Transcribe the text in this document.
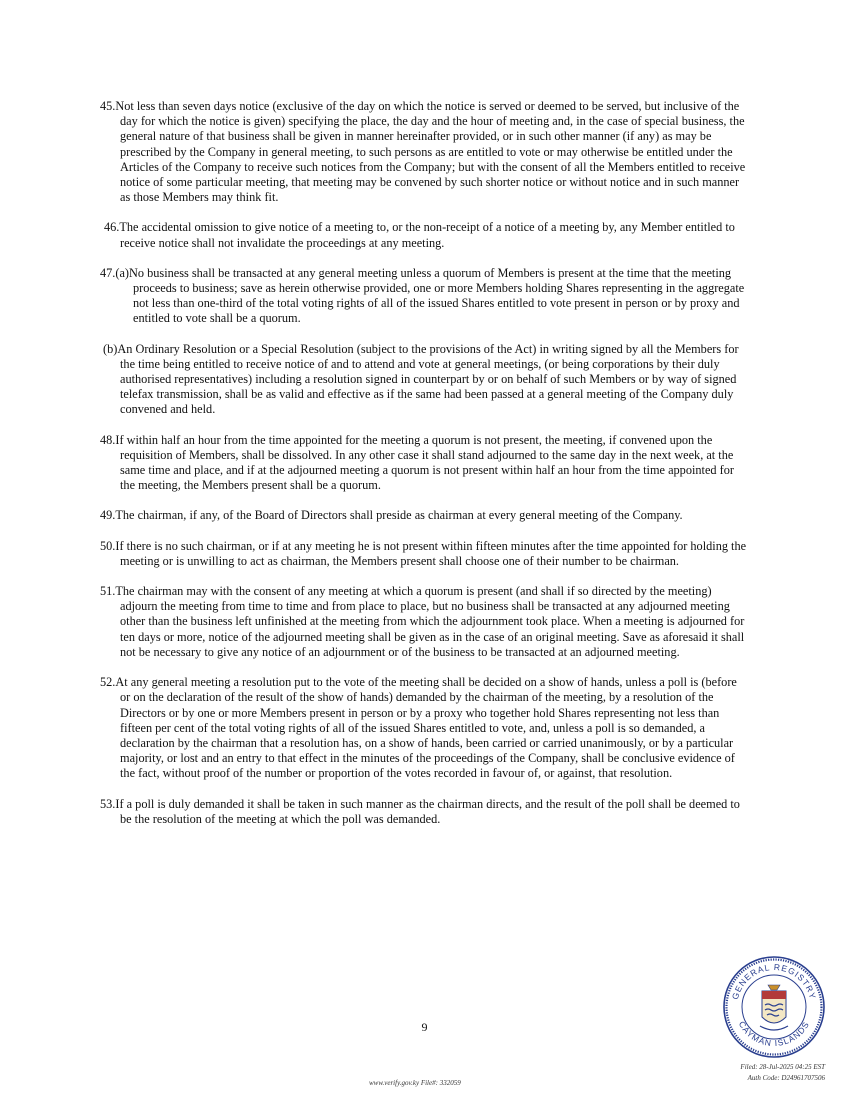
45.Not less than seven days notice (exclusive of the day on which the notice is served or deemed to be served, but inclusive of the day for which the notice is given) specifying the place, the day and the hour of meeting and, in the case of special business, the general nature of that business shall be given in manner hereinafter provided, or in such other manner (if any) as may be prescribed by the Company in general meeting, to such persons as are entitled to vote or may otherwise be entitled under the Articles of the Company to receive such notices from the Company; but with the consent of all the Members entitled to receive notice of some particular meeting, that meeting may be convened by such shorter notice or without notice and in such manner as those Members may think fit.

46.The accidental omission to give notice of a meeting to, or the non-receipt of a notice of a meeting by, any Member entitled to receive notice shall not invalidate the proceedings at any meeting.

47.(a)No business shall be transacted at any general meeting unless a quorum of Members is present at the time that the meeting proceeds to business; save as herein otherwise provided, one or more Members holding Shares representing in the aggregate not less than one-third of the total voting rights of all of the issued Shares entitled to vote present in person or by proxy and entitled to vote shall be a quorum.

(b)An Ordinary Resolution or a Special Resolution (subject to the provisions of the Act) in writing signed by all the Members for the time being entitled to receive notice of and to attend and vote at general meetings, (or being corporations by their duly authorised representatives) including a resolution signed in counterpart by or on behalf of such Members or by way of signed telefax transmission, shall be as valid and effective as if the same had been passed at a general meeting of the Company duly convened and held.

48.If within half an hour from the time appointed for the meeting a quorum is not present, the meeting, if convened upon the requisition of Members, shall be dissolved. In any other case it shall stand adjourned to the same day in the next week, at the same time and place, and if at the adjourned meeting a quorum is not present within half an hour from the time appointed for the meeting, the Members present shall be a quorum.

49.The chairman, if any, of the Board of Directors shall preside as chairman at every general meeting of the Company.

50.If there is no such chairman, or if at any meeting he is not present within fifteen minutes after the time appointed for holding the meeting or is unwilling to act as chairman, the Members present shall choose one of their number to be chairman.

51.The chairman may with the consent of any meeting at which a quorum is present (and shall if so directed by the meeting) adjourn the meeting from time to time and from place to place, but no business shall be transacted at any adjourned meeting other than the business left unfinished at the meeting from which the adjournment took place. When a meeting is adjourned for ten days or more, notice of the adjourned meeting shall be given as in the case of an original meeting. Save as aforesaid it shall not be necessary to give any notice of an adjournment or of the business to be transacted at an adjourned meeting.

52.At any general meeting a resolution put to the vote of the meeting shall be decided on a show of hands, unless a poll is (before or on the declaration of the result of the show of hands) demanded by the chairman of the meeting, by a resolution of the Directors or by one or more Members present in person or by a proxy who together hold Shares representing not less than fifteen per cent of the total voting rights of all of the issued Shares entitled to vote, and, unless a poll is so demanded, a declaration by the chairman that a resolution has, on a show of hands, been carried or carried unanimously, or by a particular majority, or lost and an entry to that effect in the minutes of the proceedings of the Company, shall be conclusive evidence of the fact, without proof of the number or proportion of the votes recorded in favour of, or against, that resolution.

53.If a poll is duly demanded it shall be taken in such manner as the chairman directs, and the result of the poll shall be deemed to be the resolution of the meeting at which the poll was demanded.

9
GENERAL REGISTRY
CAYMAN ISLANDS
www.verify.gov.ky File#: 332059
Filed: 28-Jul-2025 04:25 EST
Auth Code: D24961707506
